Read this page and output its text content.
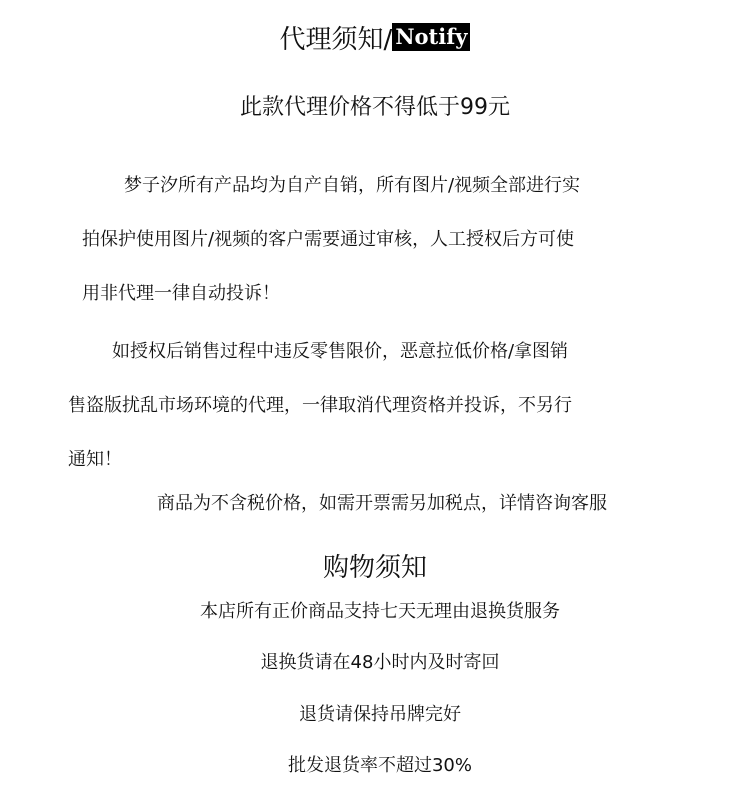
代理须知/ Notify
此款代理价格不得低于99元
梦子汐所有产品均为自产自销，所有图片/视频全部进行实
拍保护使用图片/视频的客户需要通过审核，人工授权后方可使
用非代理一律自动投诉！
如授权后销售过程中违反零售限价，恶意拉低价格/拿图销
售盗版扰乱市场环境的代理，一律取消代理资格并投诉，不另行
通知！
商品为不含税价格，如需开票需另加税点，详情咨询客服
购物须知
本店所有正价商品支持七天无理由退换货服务
退换货请在48小时内及时寄回
退货请保持吊牌完好
批发退货率不超过30%
